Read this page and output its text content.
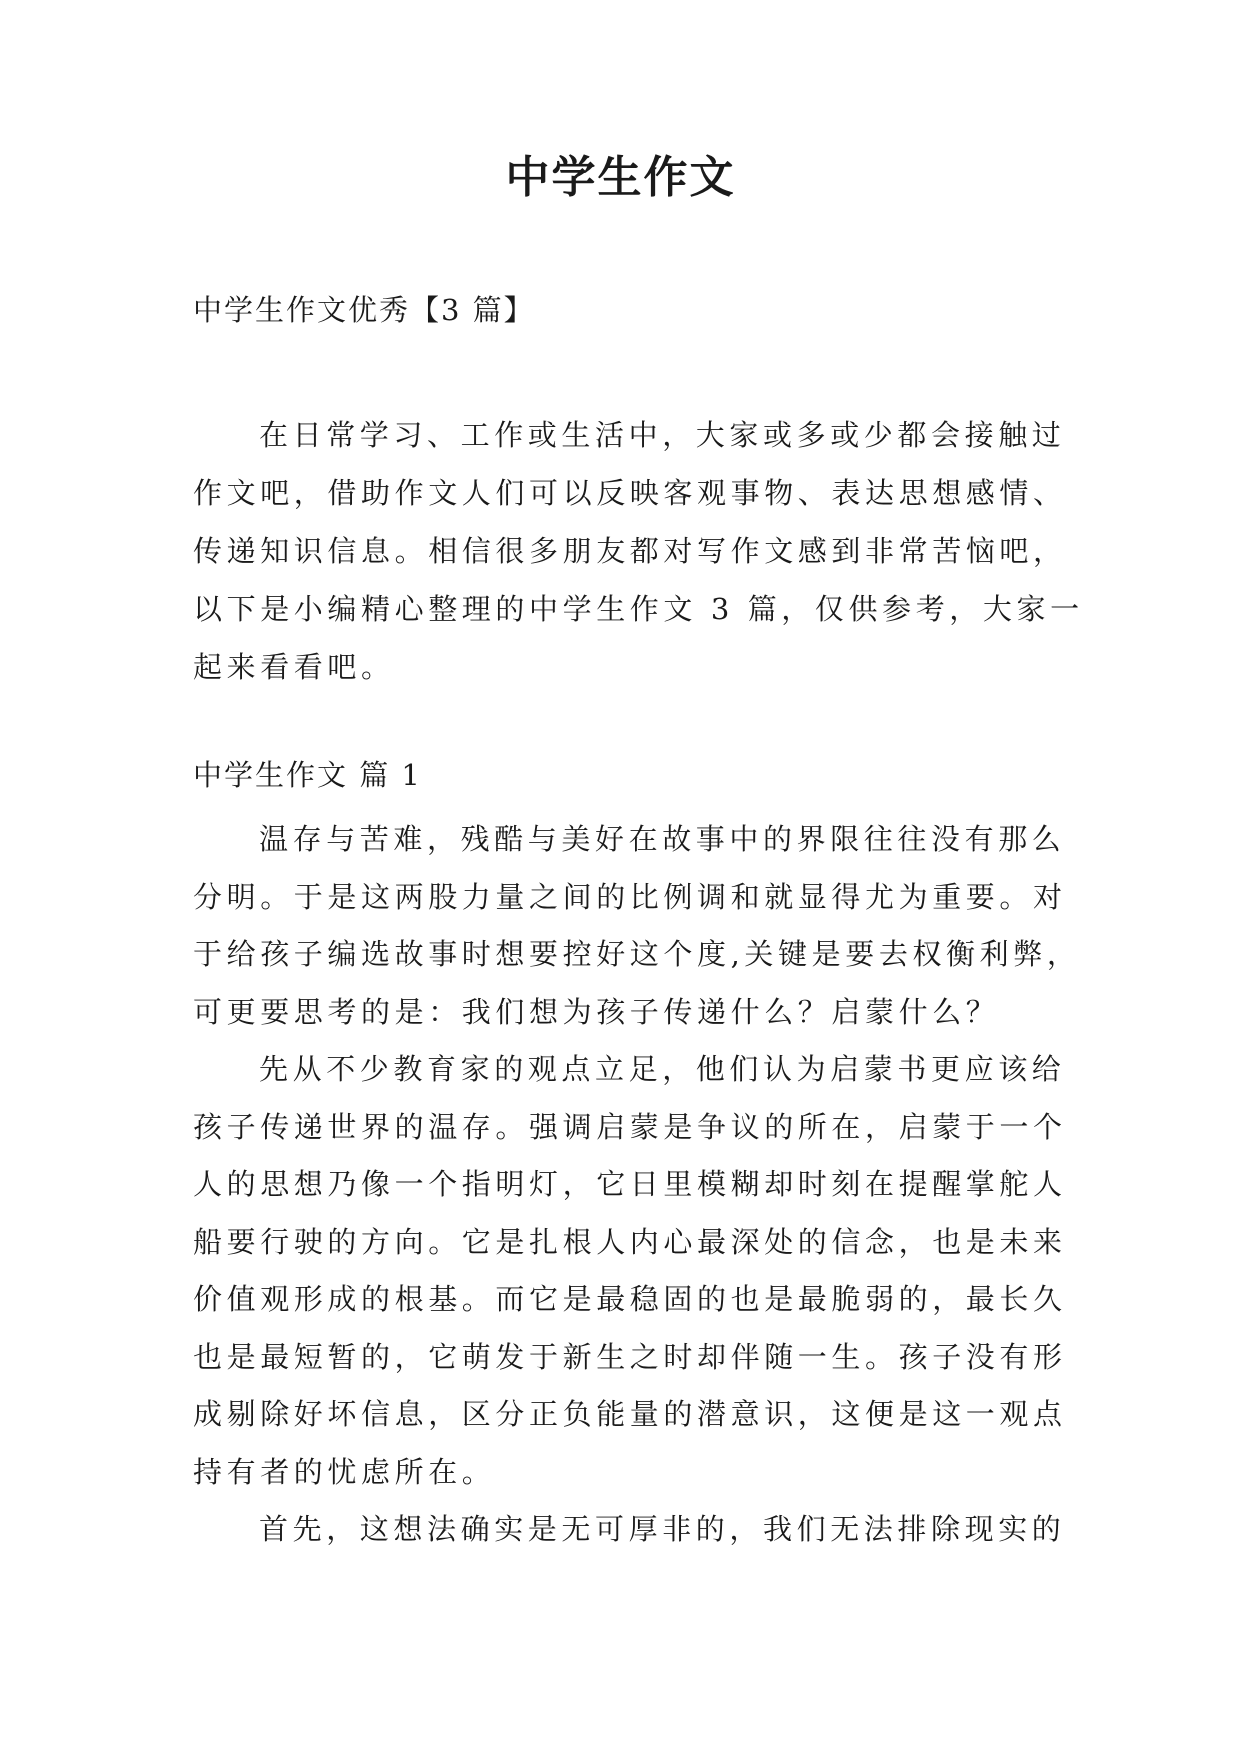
中学生作文

中学生作文优秀【3 篇】

在日常学习、工作或生活中，大家或多或少都会接触过
作文吧，借助作文人们可以反映客观事物、表达思想感情、
传递知识信息。相信很多朋友都对写作文感到非常苦恼吧，
以下是小编精心整理的中学生作文 3 篇，仅供参考，大家一
起来看看吧。

中学生作文 篇 1

温存与苦难，残酷与美好在故事中的界限往往没有那么
分明。于是这两股力量之间的比例调和就显得尤为重要。对
于给孩子编选故事时想要控好这个度,关键是要去权衡利弊，
可更要思考的是：我们想为孩子传递什么？启蒙什么？
先从不少教育家的观点立足，他们认为启蒙书更应该给
孩子传递世界的温存。强调启蒙是争议的所在，启蒙于一个
人的思想乃像一个指明灯，它日里模糊却时刻在提醒掌舵人
船要行驶的方向。它是扎根人内心最深处的信念，也是未来
价值观形成的根基。而它是最稳固的也是最脆弱的，最长久
也是最短暂的，它萌发于新生之时却伴随一生。孩子没有形
成剔除好坏信息，区分正负能量的潜意识，这便是这一观点
持有者的忧虑所在。
首先，这想法确实是无可厚非的，我们无法排除现实的
